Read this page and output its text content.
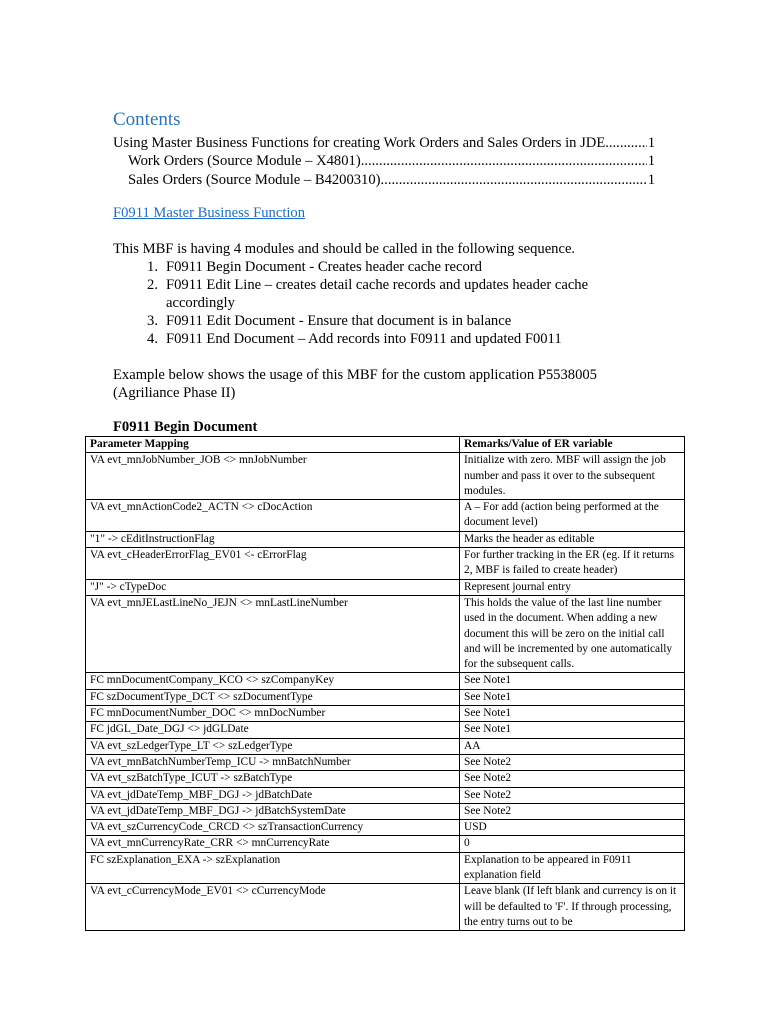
Contents
Using Master Business Functions for creating Work Orders and Sales Orders in JDE .....	1
Work Orders (Source Module – X4801) .....	1
Sales Orders (Source Module – B4200310) .....	1
F0911 Master Business Function
This MBF is having 4 modules and should be called in the following sequence.
1. F0911 Begin Document - Creates header cache record
2. F0911 Edit Line – creates detail cache records and updates header cache accordingly
3. F0911 Edit Document - Ensure that document is in balance
4. F0911 End Document – Add records into F0911 and updated F0011
Example below shows the usage of this MBF for the custom application P5538005 (Agriliance Phase II)
F0911 Begin Document
Parameter Mapping	Remarks/Value of ER variable
VA evt_mnJobNumber_JOB <> mnJobNumber	Initialize with zero. MBF will assign the job number and pass it over to the subsequent modules.
VA evt_mnActionCode2_ACTN <> cDocAction	A – For add (action being performed at the document level)
"1" -> cEditInstructionFlag	Marks the header as editable
VA evt_cHeaderErrorFlag_EV01 <- cErrorFlag	For further tracking in the ER (eg. If it returns 2, MBF is failed to create header)
"J" -> cTypeDoc	Represent journal entry
VA evt_mnJELastLineNo_JEJN <> mnLastLineNumber	This holds the value of the last line number used in the document. When adding a new document this will be zero on the initial call and will be incremented by one automatically for the subsequent calls.
FC mnDocumentCompany_KCO <> szCompanyKey	See Note1
FC szDocumentType_DCT <> szDocumentType	See Note1
FC mnDocumentNumber_DOC <> mnDocNumber	See Note1
FC jdGL_Date_DGJ <> jdGLDate	See Note1
VA evt_szLedgerType_LT <> szLedgerType	AA
VA evt_mnBatchNumberTemp_ICU -> mnBatchNumber	See Note2
VA evt_szBatchType_ICUT -> szBatchType	See Note2
VA evt_jdDateTemp_MBF_DGJ -> jdBatchDate	See Note2
VA evt_jdDateTemp_MBF_DGJ -> jdBatchSystemDate	See Note2
VA evt_szCurrencyCode_CRCD <> szTransactionCurrency	USD
VA evt_mnCurrencyRate_CRR <> mnCurrencyRate	0
FC szExplanation_EXA -> szExplanation	Explanation to be appeared in F0911 explanation field
VA evt_cCurrencyMode_EV01 <> cCurrencyMode	Leave blank (If left blank and currency is on it will be defaulted to 'F'. If through processing, the entry turns out to be
